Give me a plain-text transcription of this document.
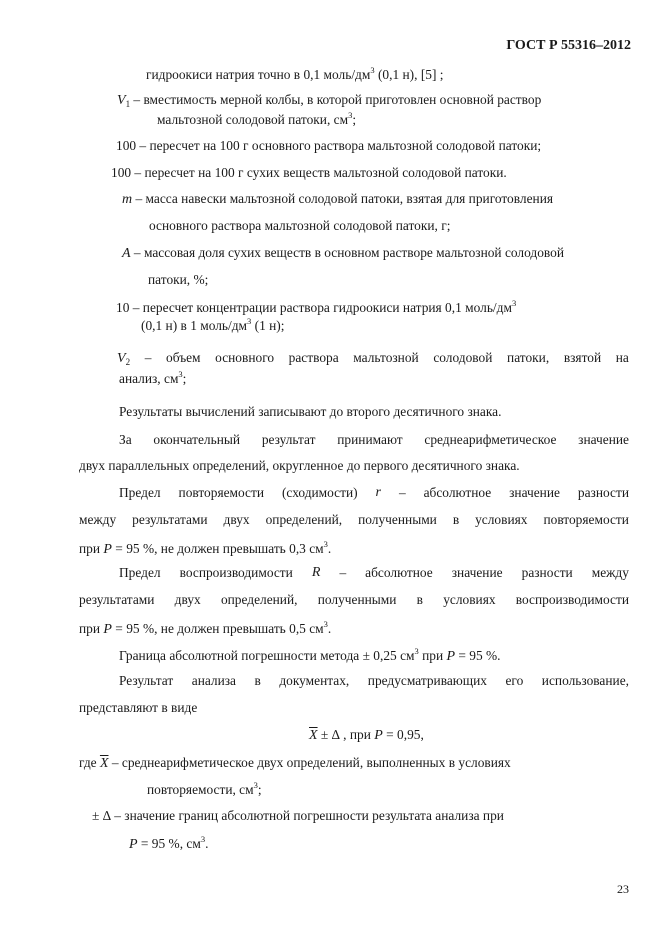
ГОСТ Р 55316–2012
гидроокиси натрия точно в 0,1 моль/$дм^3$ (0,1 н), [5] ;
$V_1$ – вместимость мерной колбы, в которой приготовлен основной раствор
мальтозной солодовой патоки, $см^3$;
100 – пересчет на 100 г основного раствора мальтозной солодовой патоки;
100 – пересчет на 100 г сухих веществ мальтозной солодовой патоки.
m – масса навески мальтозной солодовой патоки, взятая для приготовления
основного раствора мальтозной солодовой патоки, г;
A – массовая доля сухих веществ в основном растворе мальтозной солодовой
патоки, %;
10 – пересчет концентрации раствора гидроокиси натрия 0,1 моль/$дм^3$
(0,1 н) в 1 моль/$дм^3$ (1 н);
$V_2$ – объем основного раствора мальтозной солодовой патоки, взятой на
анализ, $см^3$;
Результаты вычислений записывают до второго десятичного знака.
За окончательный результат принимают среднеарифметическое значение
двух параллельных определений, округленное до первого десятичного знака.
Предел повторяемости (сходимости) r – абсолютное значение разности
между результатами двух определений, полученными в условиях повторяемости
при P = 95 %, не должен превышать 0,3 $см^3$.
Предел воспроизводимости R – абсолютное значение разности между
результатами двух определений, полученными в условиях воспроизводимости
при P = 95 %, не должен превышать 0,5 $см^3$.
Граница абсолютной погрешности метода ± 0,25 $см^3$ при P = 95 %.
Результат анализа в документах, предусматривающих его использование,
представляют в виде
$\overline{X}$ ± ∆ , при P = 0,95,
где $\overline{X}$ – среднеарифметическое двух определений, выполненных в условиях
повторяемости, $см^3$;
± ∆ – значение границ абсолютной погрешности результата анализа при
P = 95 %, $см^3$.
23
